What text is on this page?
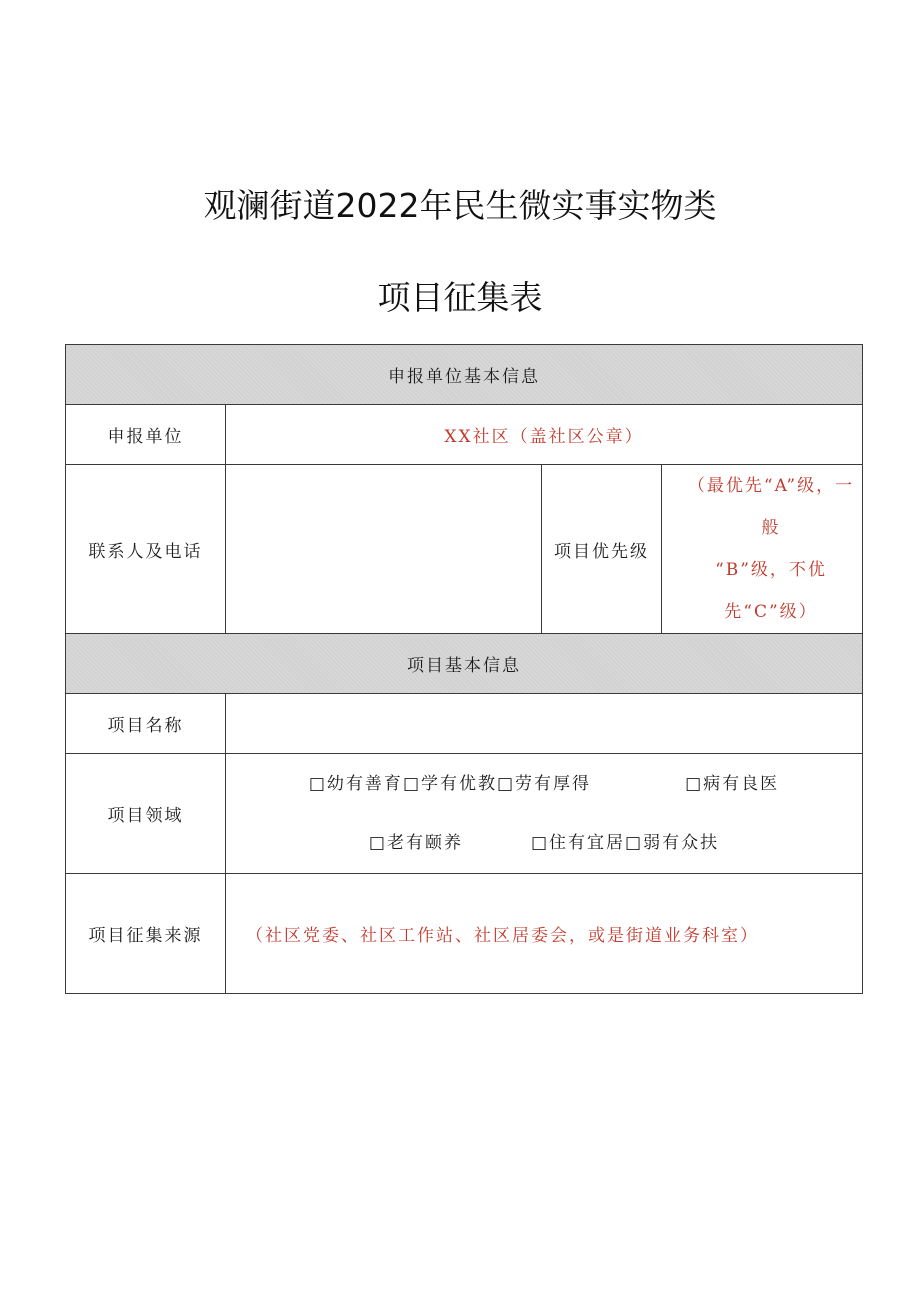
观澜街道2022年民生微实事实物类
项目征集表
申报单位基本信息			
申报单位	XX社区（盖社区公章）		
联系人及电话		项目优先级	（最优先“A”级，一般
“B”级，不优先“C”级）

项目基本信息			
项目名称			
项目领域	□幼有善育□学有优教□劳有厚得 □病有良医
□老有颐养 □住有宜居□弱有众扶		

项目征集来源	（社区党委、社区工作站、社区居委会，或是街道业务科室）		
